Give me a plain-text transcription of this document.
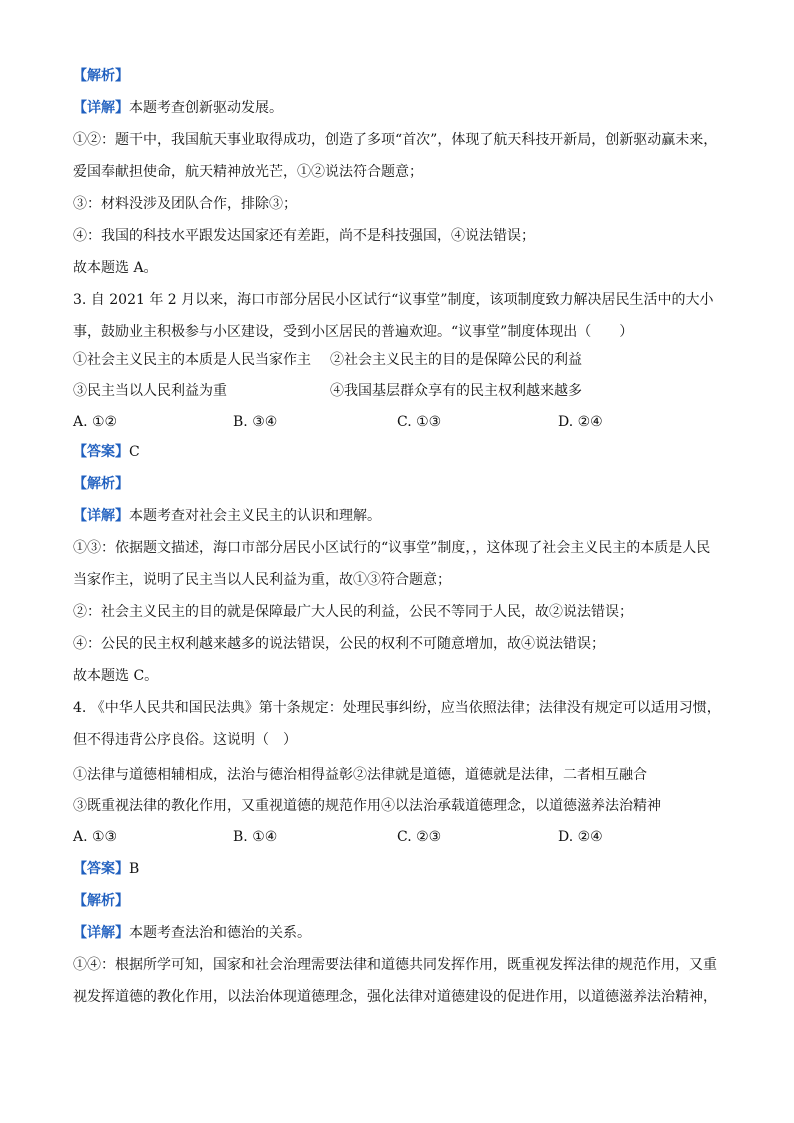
【解析】
【详解】本题考查创新驱动发展。
①②：题干中，我国航天事业取得成功，创造了多项“首次”，体现了航天科技开新局，创新驱动赢未来，
爱国奉献担使命，航天精神放光芒，①②说法符合题意；
③：材料没涉及团队合作，排除③；
④：我国的科技水平跟发达国家还有差距，尚不是科技强国，④说法错误；
故本题选 A。
3. 自 2021 年 2 月以来，海口市部分居民小区试行“议事堂”制度，该项制度致力解决居民生活中的大小
事，鼓励业主积极参与小区建设，受到小区居民的普遍欢迎。“议事堂”制度体现出（　　）
①社会主义民主的本质是人民当家作主 ②社会主义民主的目的是保障公民的利益
③民主当以人民利益为重	④我国基层群众享有的民主权利越来越多
A. ①②	B. ③④	C. ①③	D. ②④
【答案】C
【解析】
【详解】本题考查对社会主义民主的认识和理解。
①③：依据题文描述，海口市部分居民小区试行的“议事堂”制度，，这体现了社会主义民主的本质是人民
当家作主，说明了民主当以人民利益为重，故①③符合题意；
②：社会主义民主的目的就是保障最广大人民的利益，公民不等同于人民，故②说法错误；
④：公民的民主权利越来越多的说法错误，公民的权利不可随意增加，故④说法错误；
故本题选 C。
4. 《中华人民共和国民法典》第十条规定：处理民事纠纷，应当依照法律；法律没有规定可以适用习惯，
但不得违背公序良俗。这说明（　）
①法律与道德相辅相成，法治与德治相得益彰②法律就是道德，道德就是法律，二者相互融合
③既重视法律的教化作用，又重视道德的规范作用④以法治承载道德理念，以道德滋养法治精神
A. ①③	B. ①④	C. ②③	D. ②④
【答案】B
【解析】
【详解】本题考查法治和德治的关系。
①④：根据所学可知，国家和社会治理需要法律和道德共同发挥作用，既重视发挥法律的规范作用，又重
视发挥道德的教化作用，以法治体现道德理念，强化法律对道德建设的促进作用，以道德滋养法治精神，
